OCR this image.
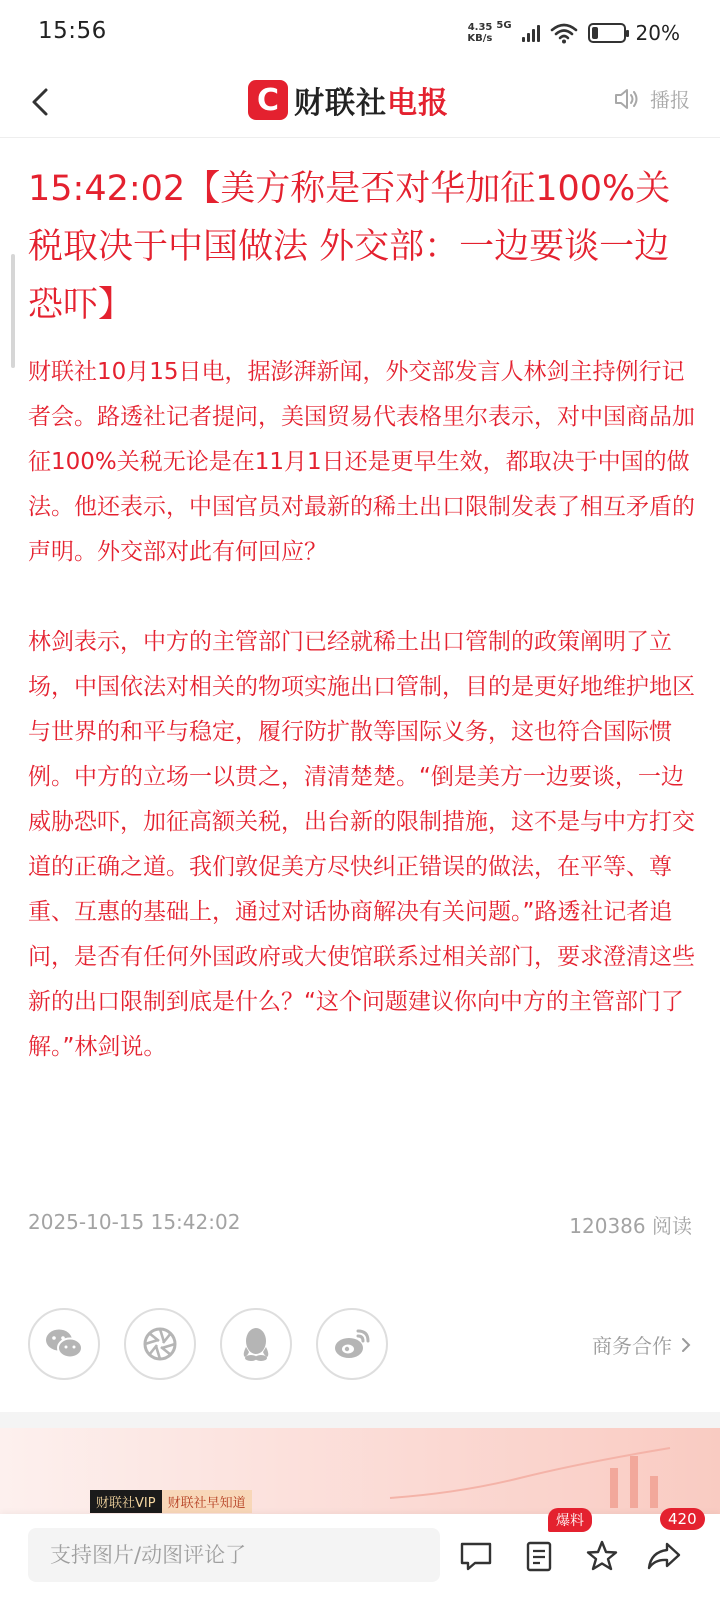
15:56	4.35
KB/s
5G	20%
C 财联社电报	播报
15:42:02【美方称是否对华加征100%关税取决于中国做法 外交部：一边要谈一边恐吓】

财联社10月15日电，据澎湃新闻，外交部发言人林剑主持例行记者会。路透社记者提问，美国贸易代表格里尔表示，对中国商品加征100%关税无论是在11月1日还是更早生效，都取决于中国的做法。他还表示，中国官员对最新的稀土出口限制发表了相互矛盾的声明。外交部对此有何回应？

林剑表示，中方的主管部门已经就稀土出口管制的政策阐明了立场，中国依法对相关的物项实施出口管制，目的是更好地维护地区与世界的和平与稳定，履行防扩散等国际义务，这也符合国际惯例。中方的立场一以贯之，清清楚楚。“倒是美方一边要谈，一边威胁恐吓，加征高额关税，出台新的限制措施，这不是与中方打交道的正确之道。我们敦促美方尽快纠正错误的做法，在平等、尊重、互惠的基础上，通过对话协商解决有关问题。”路透社记者追问，是否有任何外国政府或大使馆联系过相关部门，要求澄清这些新的出口限制到底是什么？“这个问题建议你向中方的主管部门了解。”林剑说。

2025-10-15 15:42:02	120386 阅读
商务合作
财联社VIP 财联社早知道
支持图片/动图评论了
爆料	420
